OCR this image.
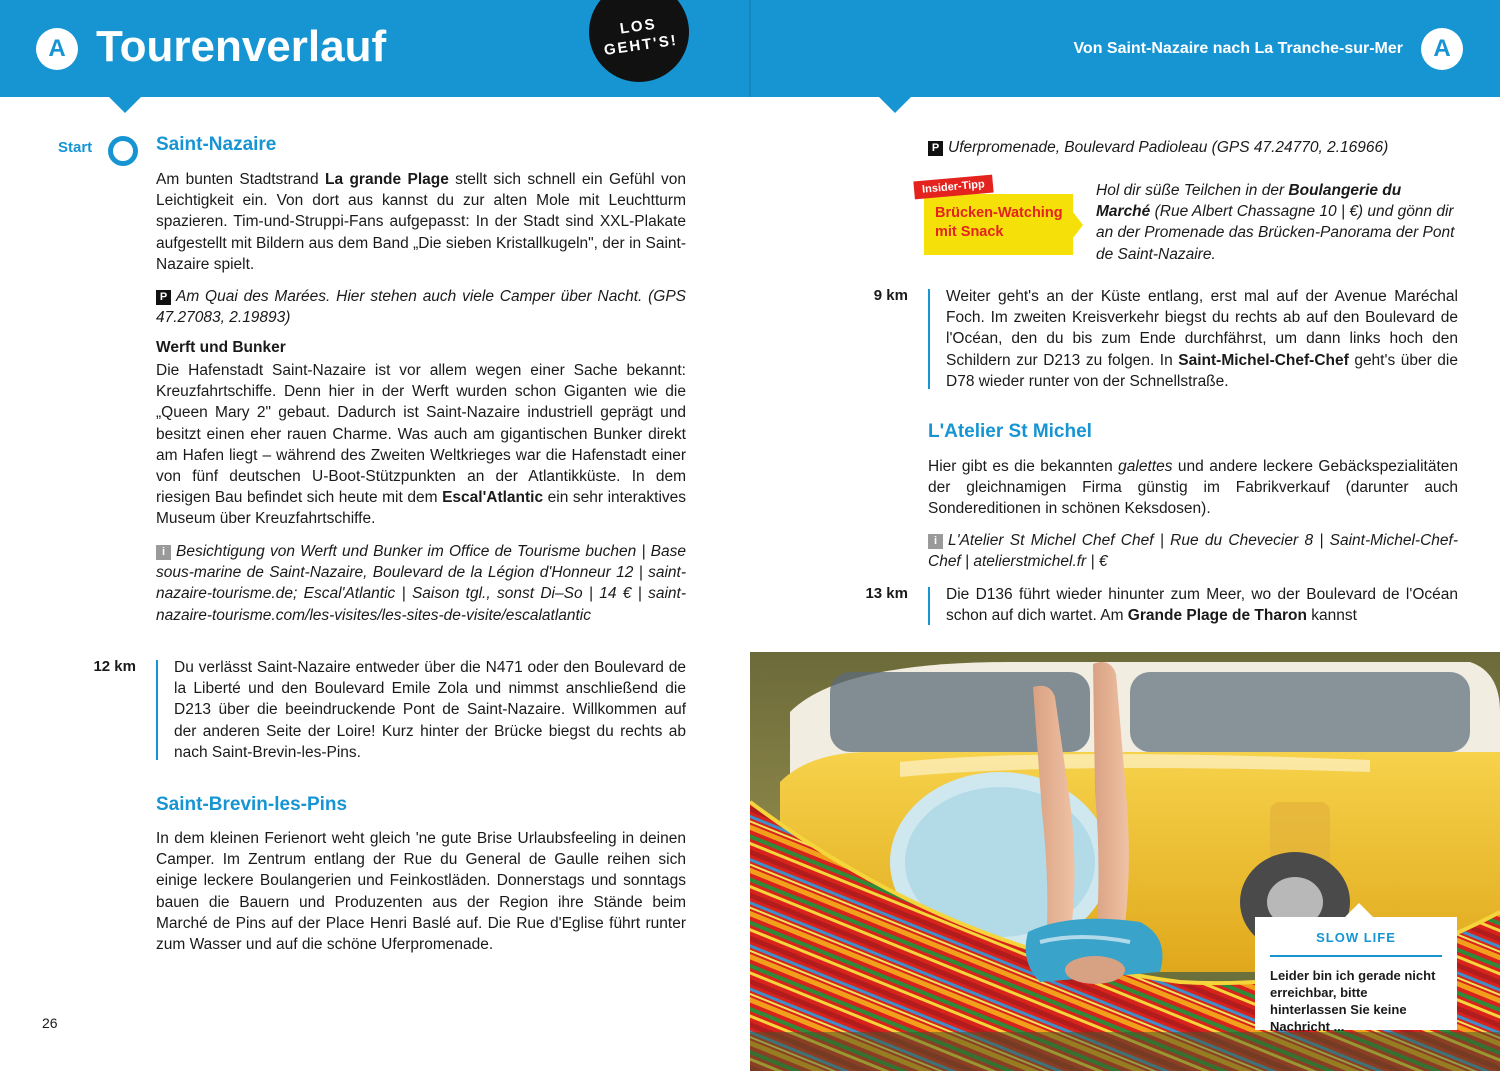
A Tourenverlauf	Von Saint-Nazaire nach La Tranche-sur-Mer	A
LOS
GEHT'S!
Start	Saint-Nazaire
Am bunten Stadtstrand La grande Plage stellt sich schnell ein Gefühl von Leichtigkeit ein. Von dort aus kannst du zur alten Mole mit Leuchtturm spazieren. Tim-und-Struppi-Fans aufgepasst: In der Stadt sind XXL-Plakate aufgestellt mit Bildern aus dem Band „Die sieben Kristallkugeln", der in Saint-Nazaire spielt.
P Am Quai des Marées. Hier stehen auch viele Camper über Nacht. (GPS 47.27083, 2.19893)
Werft und Bunker
Die Hafenstadt Saint-Nazaire ist vor allem wegen einer Sache bekannt: Kreuzfahrtschiffe. Denn hier in der Werft wurden schon Giganten wie die „Queen Mary 2" gebaut. Dadurch ist Saint-Nazaire industriell geprägt und besitzt einen eher rauen Charme. Was auch am gigantischen Bunker direkt am Hafen liegt – während des Zweiten Weltkrieges war die Hafenstadt einer von fünf deutschen U-Boot-Stützpunkten an der Atlantikküste. In dem riesigen Bau befindet sich heute mit dem Escal'Atlantic ein sehr interaktives Museum über Kreuzfahrtschiffe.
i Besichtigung von Werft und Bunker im Office de Tourisme buchen | Base sous-marine de Saint-Nazaire, Boulevard de la Légion d'Honneur 12 | saint-nazaire-tourisme.de; Escal'Atlantic | Saison tgl., sonst Di–So | 14 € | saint-nazaire-tourisme.com/les-visites/les-sites-de-visite/escalatlantic
12 km Du verlässt Saint-Nazaire entweder über die N471 oder den Boulevard de la Liberté und den Boulevard Emile Zola und nimmst anschließend die D213 über die beeindruckende Pont de Saint-Nazaire. Willkommen auf der anderen Seite der Loire! Kurz hinter der Brücke biegst du rechts ab nach Saint-Brevin-les-Pins.
Saint-Brevin-les-Pins
In dem kleinen Ferienort weht gleich 'ne gute Brise Urlaubsfeeling in deinen Camper. Im Zentrum entlang der Rue du General de Gaulle reihen sich einige leckere Boulangerien und Feinkostläden. Donnerstags und sonntags bauen die Bauern und Produzenten aus der Region ihre Stände beim Marché de Pins auf der Place Henri Baslé auf. Die Rue d'Eglise führt runter zum Wasser und auf die schöne Uferpromenade.
26
P Uferpromenade, Boulevard Padioleau (GPS 47.24770, 2.16966)
Insider-Tipp
Brücken-Watching mit Snack
Hol dir süße Teilchen in der Boulangerie du Marché (Rue Albert Chassagne 10 | €) und gönn dir an der Promenade das Brücken-Panorama der Pont de Saint-Nazaire.
9 km Weiter geht's an der Küste entlang, erst mal auf der Avenue Maréchal Foch. Im zweiten Kreisverkehr biegst du rechts ab auf den Boulevard de l'Océan, den du bis zum Ende durchfährst, um dann links hoch den Schildern zur D213 zu folgen. In Saint-Michel-Chef-Chef geht's über die D78 wieder runter von der Schnellstraße.
L'Atelier St Michel
Hier gibt es die bekannten galettes und andere leckere Gebäckspezialitäten der gleichnamigen Firma günstig im Fabrikverkauf (darunter auch Sondereditionen in schönen Keksdosen).
i L'Atelier St Michel Chef Chef | Rue du Chevecier 8 | Saint-Michel-Chef-Chef | atelierstmichel.fr | €
13 km Die D136 führt wieder hinunter zum Meer, wo der Boulevard de l'Océan schon auf dich wartet. Am Grande Plage de Tharon kannst
SLOW LIFE
Leider bin ich gerade nicht erreichbar, bitte hinterlassen Sie keine Nachricht ...
